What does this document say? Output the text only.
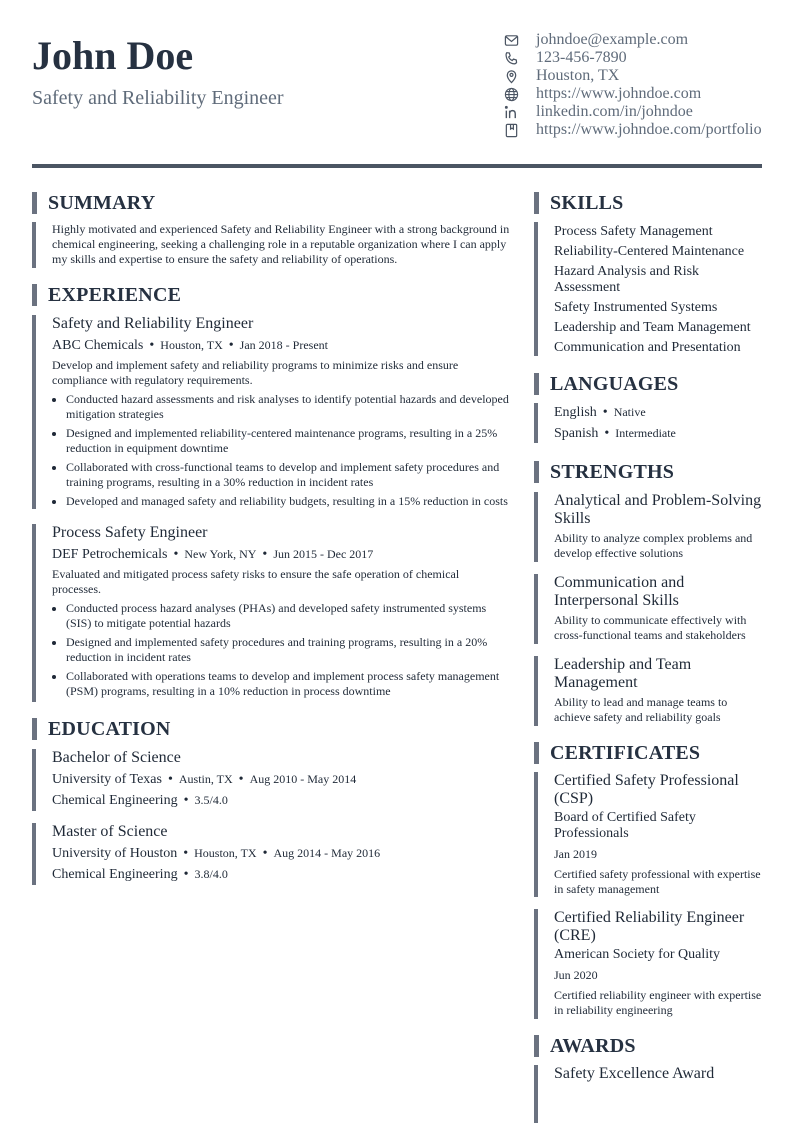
John Doe
Safety and Reliability Engineer
johndoe@example.com
123-456-7890
Houston, TX
https://www.johndoe.com
linkedin.com/in/johndoe
https://www.johndoe.com/portfolio
SUMMARY
Highly motivated and experienced Safety and Reliability Engineer with a strong background in chemical engineering, seeking a challenging role in a reputable organization where I can apply my skills and expertise to ensure the safety and reliability of operations.
EXPERIENCE
Safety and Reliability Engineer
ABC Chemicals • Houston, TX • Jan 2018 - Present
Develop and implement safety and reliability programs to minimize risks and ensure compliance with regulatory requirements.
• Conducted hazard assessments and risk analyses to identify potential hazards and developed mitigation strategies
• Designed and implemented reliability-centered maintenance programs, resulting in a 25% reduction in equipment downtime
• Collaborated with cross-functional teams to develop and implement safety procedures and training programs, resulting in a 30% reduction in incident rates
• Developed and managed safety and reliability budgets, resulting in a 15% reduction in costs
Process Safety Engineer
DEF Petrochemicals • New York, NY • Jun 2015 - Dec 2017
Evaluated and mitigated process safety risks to ensure the safe operation of chemical processes.
• Conducted process hazard analyses (PHAs) and developed safety instrumented systems (SIS) to mitigate potential hazards
• Designed and implemented safety procedures and training programs, resulting in a 20% reduction in incident rates
• Collaborated with operations teams to develop and implement process safety management (PSM) programs, resulting in a 10% reduction in process downtime
EDUCATION
Bachelor of Science
University of Texas • Austin, TX • Aug 2010 - May 2014
Chemical Engineering • 3.5/4.0
Master of Science
University of Houston • Houston, TX • Aug 2014 - May 2016
Chemical Engineering • 3.8/4.0
SKILLS
Process Safety Management
Reliability-Centered Maintenance
Hazard Analysis and Risk Assessment
Safety Instrumented Systems
Leadership and Team Management
Communication and Presentation
LANGUAGES
English • Native
Spanish • Intermediate
STRENGTHS
Analytical and Problem-Solving Skills
Ability to analyze complex problems and develop effective solutions
Communication and Interpersonal Skills
Ability to communicate effectively with cross-functional teams and stakeholders
Leadership and Team Management
Ability to lead and manage teams to achieve safety and reliability goals
CERTIFICATES
Certified Safety Professional (CSP)
Board of Certified Safety Professionals
Jan 2019
Certified safety professional with expertise in safety management
Certified Reliability Engineer (CRE)
American Society for Quality
Jun 2020
Certified reliability engineer with expertise in reliability engineering
AWARDS
Safety Excellence Award
